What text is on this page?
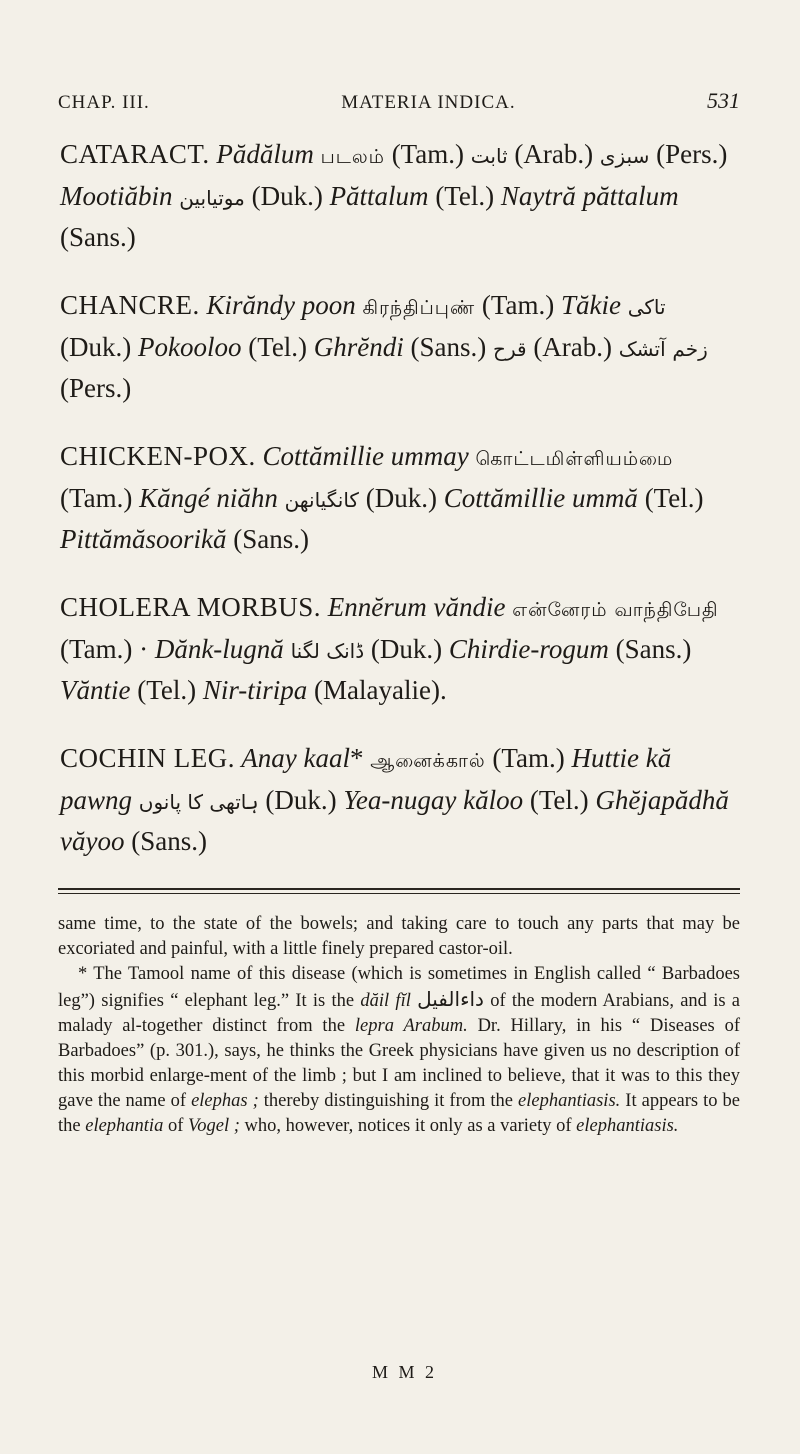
CHAP. III.	MATERIA INDICA.	531
CATARACT. Pădălum படலம் (Tam.) ثابت (Arab.) سبزی (Pers.) Mootiăbin موتیابین (Duk.) Păttalum (Tel.) Naytră păttalum (Sans.)
CHANCRE. Kirăndy poon கிரந்திப்புண் (Tam.) Tăkie تاکی (Duk.) Pokooloo (Tel.) Ghrĕndi (Sans.) قرح (Arab.) آتشک زخم (Pers.)
CHICKEN-POX. Cottămillie ummay கொட்டமிள்ளியம்மை (Tam.) Kăngé niăhn کانگیانھن (Duk.) Cottămillie ummă (Tel.) Pittămăsoorikă (Sans.)
CHOLERA MORBUS. Ennĕrum văndie என்னேரம் வாந்திபேதி (Tam.) · Dănk-lugnă ڈانک لگنا (Duk.) Chirdie-rogum (Sans.) Văntie (Tel.) Nir-tiripa (Malayalie).
COCHIN LEG. Anay kaal* ஆனைக்கால் (Tam.) Huttie kă pawng ہاتھی کا پانوں (Duk.) Yea-nugay kăloo (Tel.) Ghĕjapădhă văyoo (Sans.)

same time, to the state of the bowels; and taking care to touch any parts that may be excoriated and painful, with a little finely prepared castor-oil.

* The Tamool name of this disease (which is sometimes in English called “ Barbadoes leg”) signifies “ elephant leg.” It is the dăil fĭl داءالفیل of the modern Arabians, and is a malady al-together distinct from the lepra Arabum. Dr. Hillary, in his “ Diseases of Barbadoes” (p. 301.), says, he thinks the Greek physicians have given us no description of this morbid enlarge-ment of the limb ; but I am inclined to believe, that it was to this they gave the name of elephas ; thereby distinguishing it from the elephantiasis. It appears to be the elephantia of Vogel ; who, however, notices it only as a variety of elephantiasis.

M M 2
